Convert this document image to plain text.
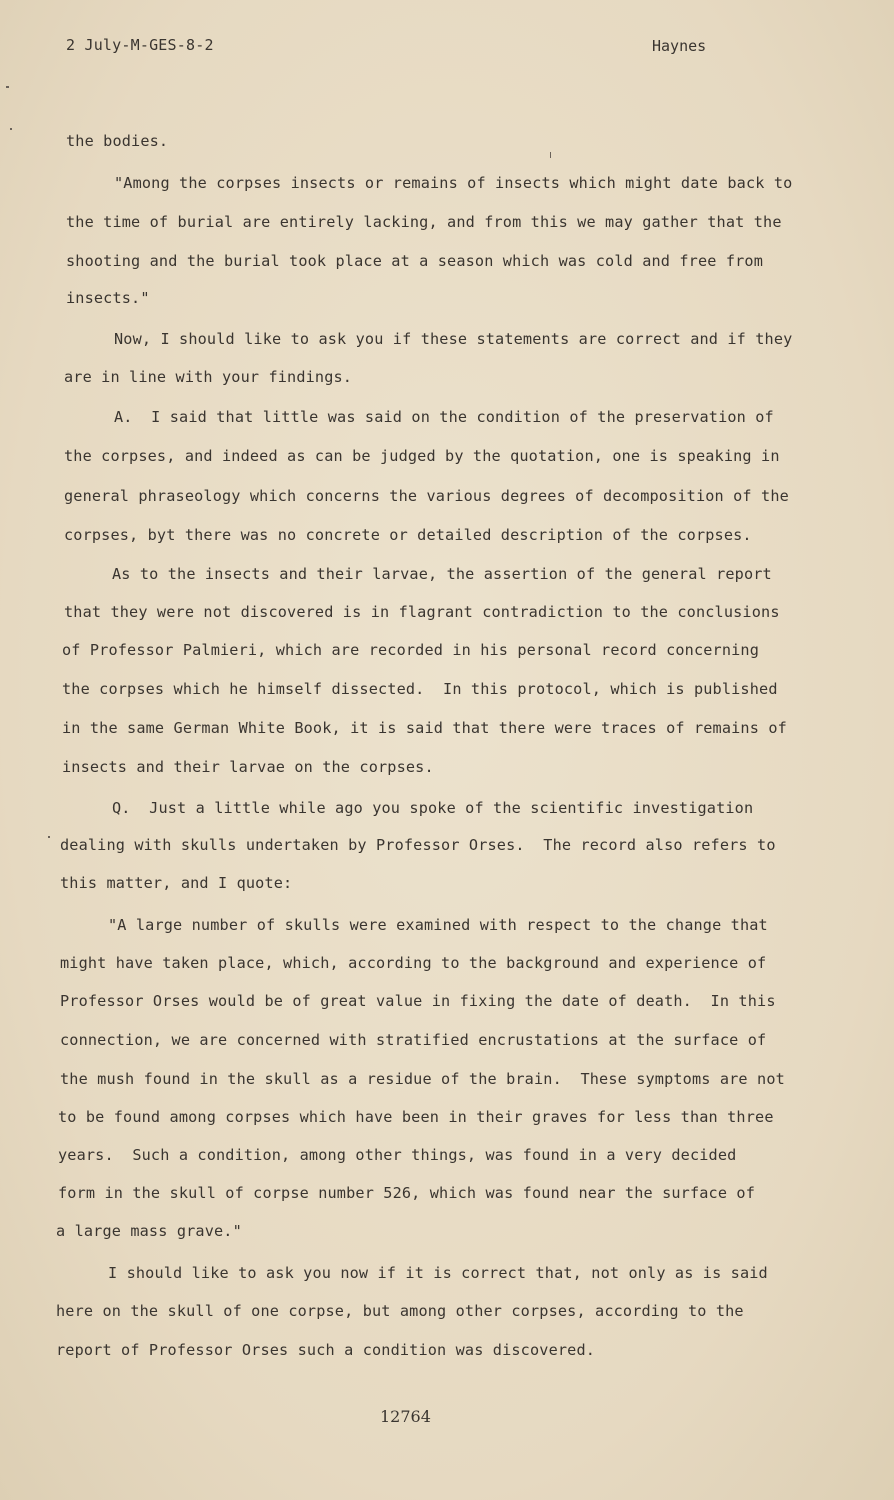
2 July-M-GES-8-2	Haynes
the bodies.
"Among the corpses insects or remains of insects which might date back to
the time of burial are entirely lacking, and from this we may gather that the
shooting and the burial took place at a season which was cold and free from
insects."
Now, I should like to ask you if these statements are correct and if they
are in line with your findings.
A.  I said that little was said on the condition of the preservation of
the corpses, and indeed as can be judged by the quotation, one is speaking in
general phraseology which concerns the various degrees of decomposition of the
corpses, byt there was no concrete or detailed description of the corpses.
As to the insects and their larvae, the assertion of the general report
that they were not discovered is in flagrant contradiction to the conclusions
of Professor Palmieri, which are recorded in his personal record concerning
the corpses which he himself dissected.  In this protocol, which is published
in the same German White Book, it is said that there were traces of remains of
insects and their larvae on the corpses.
Q.  Just a little while ago you spoke of the scientific investigation
dealing with skulls undertaken by Professor Orses.  The record also refers to
this matter, and I quote:
"A large number of skulls were examined with respect to the change that
might have taken place, which, according to the background and experience of
Professor Orses would be of great value in fixing the date of death.  In this
connection, we are concerned with stratified encrustations at the surface of
the mush found in the skull as a residue of the brain.  These symptoms are not
to be found among corpses which have been in their graves for less than three
years.  Such a condition, among other things, was found in a very decided
form in the skull of corpse number 526, which was found near the surface of
a large mass grave."
I should like to ask you now if it is correct that, not only as is said
here on the skull of one corpse, but among other corpses, according to the
report of Professor Orses such a condition was discovered.
12764
